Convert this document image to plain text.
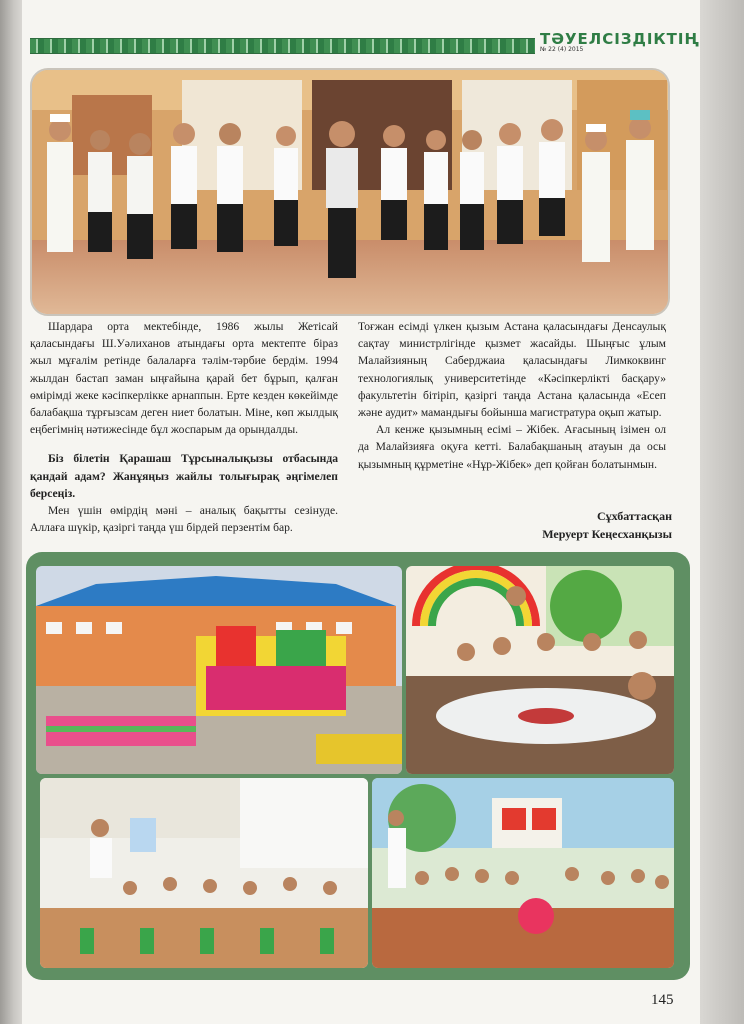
ТӘУЕЛСІЗДІКТІҢ
№ 22 (4) 2015

Шардара орта мектебінде, 1986 жылы Жетісай қаласындағы Ш.Уәлиханов атындағы орта мектепте біраз жыл мұғалім ретінде балаларға тәлім-тәрбие бердім. 1994 жылдан бастап заман ыңғайына қарай бет бұрып, қалған өмірімді жеке кәсіпкерлікке арнаппын. Ерте кезден көкейімде балабақша тұрғызсам деген ниет болатын. Міне, көп жылдық еңбегімнің нәтижесінде бұл жоспарым да орындалды.

Біз білетін Қарашаш Тұрсыналықызы отбасында қандай адам? Жанұяңыз жайлы толығырақ әңгімелеп берсеңіз.

Мен үшін өмірдің мәні – аналық бақытты сезінуде. Аллаға шүкір, қазіргі таңда үш бірдей перзентім бар.

Тоғжан есімді үлкен қызым Астана қаласындағы Денсаулық сақтау министрлігінде қызмет жасайды. Шыңғыс ұлым Малайзияның Саберджаиа қаласындағы Лимкоквинг технологиялық университетінде «Кәсіпкерлікті басқару» факультетін бітіріп, қазіргі таңда Астана қаласында «Есеп және аудит» мамандығы бойынша магистратура оқып жатыр.

Ал кенже қызымның есімі – Жібек. Ағасының ізімен ол да Малайзияға оқуға кетті. Балабақшаның атауын да осы қызымның құрметіне «Нұр-Жібек» деп қойған болатынмын.

Сұхбаттасқан
Меруерт Кеңесханқызы
145
